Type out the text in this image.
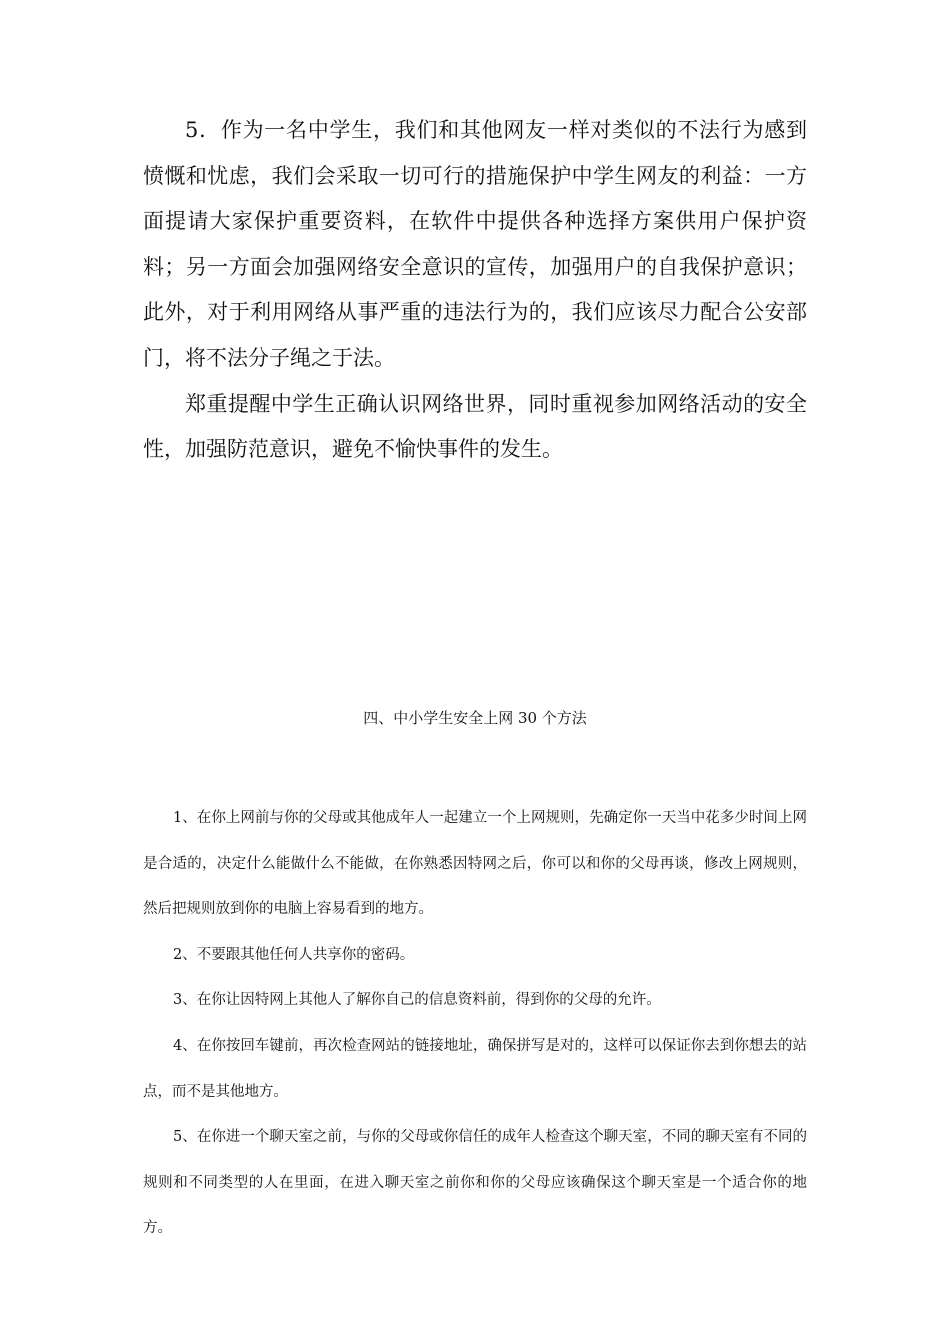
5．作为一名中学生，我们和其他网友一样对类似的不法行为感到愤慨和忧虑，我们会采取一切可行的措施保护中学生网友的利益：一方面提请大家保护重要资料，在软件中提供各种选择方案供用户保护资料；另一方面会加强网络安全意识的宣传，加强用户的自我保护意识；此外，对于利用网络从事严重的违法行为的，我们应该尽力配合公安部门，将不法分子绳之于法。

郑重提醒中学生正确认识网络世界，同时重视参加网络活动的安全性，加强防范意识，避免不愉快事件的发生。

四、中小学生安全上网 30 个方法

1、在你上网前与你的父母或其他成年人一起建立一个上网规则，先确定你一天当中花多少时间上网是合适的，决定什么能做什么不能做，在你熟悉因特网之后，你可以和你的父母再谈，修改上网规则，然后把规则放到你的电脑上容易看到的地方。

2、不要跟其他任何人共享你的密码。

3、在你让因特网上其他人了解你自己的信息资料前，得到你的父母的允许。

4、在你按回车键前，再次检查网站的链接地址，确保拼写是对的，这样可以保证你去到你想去的站点，而不是其他地方。

5、在你进一个聊天室之前，与你的父母或你信任的成年人检查这个聊天室，不同的聊天室有不同的规则和不同类型的人在里面，在进入聊天室之前你和你的父母应该确保这个聊天室是一个适合你的地方。
